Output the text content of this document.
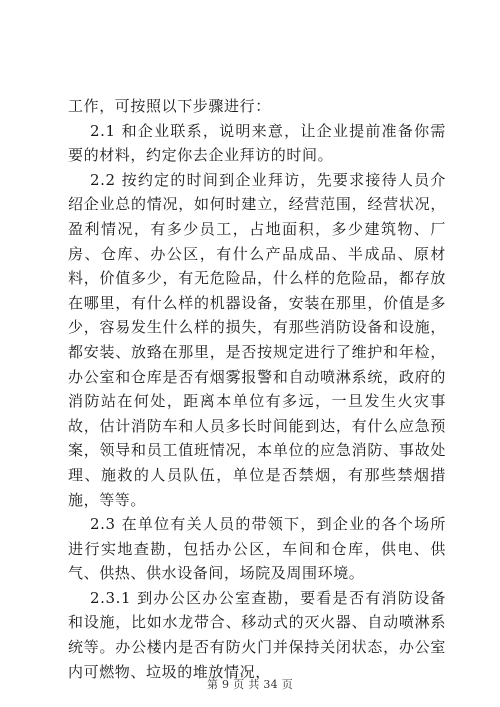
工作，可按照以下步骤进行：

2.1 和企业联系，说明来意，让企业提前准备你需要的材料，约定你去企业拜访的时间。

2.2 按约定的时间到企业拜访，先要求接待人员介绍企业总的情况，如何时建立，经营范围，经营状况，盈利情况，有多少员工，占地面积，多少建筑物、厂房、仓库、办公区，有什么产品成品、半成品、原材料，价值多少，有无危险品，什么样的危险品，都存放在哪里，有什么样的机器设备，安装在那里，价值是多少，容易发生什么样的损失，有那些消防设备和设施，都安装、放臵在那里，是否按规定进行了维护和年检，办公室和仓库是否有烟雾报警和自动喷淋系统，政府的消防站在何处，距离本单位有多远，一旦发生火灾事故，估计消防车和人员多长时间能到达，有什么应急预案，领导和员工值班情况，本单位的应急消防、事故处理、施救的人员队伍，单位是否禁烟，有那些禁烟措施，等等。

2.3 在单位有关人员的带领下，到企业的各个场所进行实地查勘，包括办公区，车间和仓库，供电、供气、供热、供水设备间，场院及周围环境。

2.3.1 到办公区办公室查勘，要看是否有消防设备和设施，比如水龙带合、移动式的灭火器、自动喷淋系统等。办公楼内是否有防火门并保持关闭状态，办公室内可燃物、垃圾的堆放情况，

第 9 页 共 34 页
